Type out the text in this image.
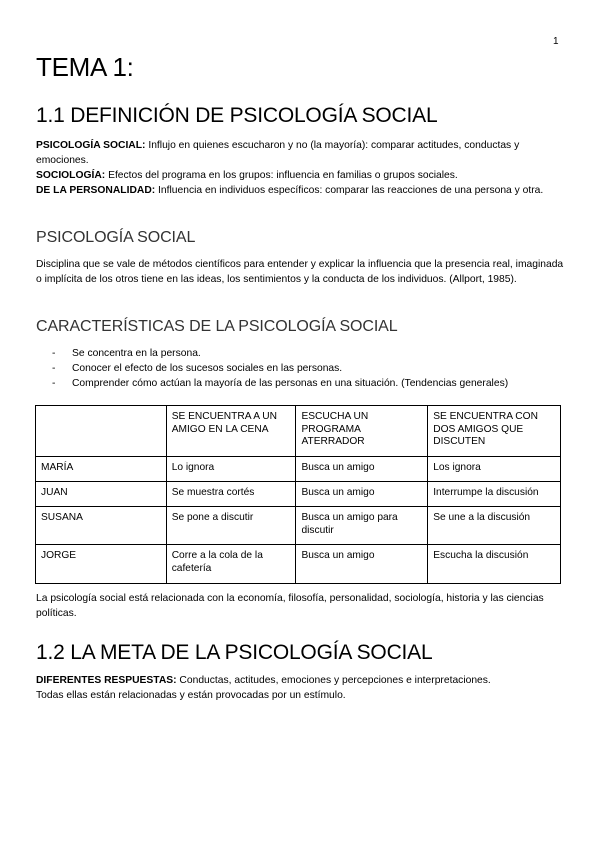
1
TEMA 1:
1.1 DEFINICIÓN DE PSICOLOGÍA SOCIAL

PSICOLOGÍA SOCIAL: Influjo en quienes escucharon y no (la mayoría): comparar actitudes, conductas y emociones.
SOCIOLOGÍA: Efectos del programa en los grupos: influencia en familias o grupos sociales.
DE LA PERSONALIDAD: Influencia en individuos específicos: comparar las reacciones de una persona y otra.

PSICOLOGÍA SOCIAL

Disciplina que se vale de métodos científicos para entender y explicar la influencia que la presencia real, imaginada o implícita de los otros tiene en las ideas, los sentimientos y la conducta de los individuos. (Allport, 1985).

CARACTERÍSTICAS DE LA PSICOLOGÍA SOCIAL
- Se concentra en la persona.
- Conocer el efecto de los sucesos sociales en las personas.
- Comprender cómo actúan la mayoría de las personas en una situación. (Tendencias generales)
	SE ENCUENTRA A UN AMIGO EN LA CENA	ESCUCHA UN PROGRAMA ATERRADOR	SE ENCUENTRA CON DOS AMIGOS QUE DISCUTEN
MARÍA	Lo ignora	Busca un amigo	Los ignora
JUAN	Se muestra cortés	Busca un amigo	Interrumpe la discusión
SUSANA	Se pone a discutir	Busca un amigo para discutir	Se une a la discusión
JORGE	Corre a la cola de la cafetería	Busca un amigo	Escucha la discusión

La psicología social está relacionada con la economía, filosofía, personalidad, sociología, historia y las ciencias políticas.

1.2 LA META DE LA PSICOLOGÍA SOCIAL

DIFERENTES RESPUESTAS: Conductas, actitudes, emociones y percepciones e interpretaciones.
Todas ellas están relacionadas y están provocadas por un estímulo.
